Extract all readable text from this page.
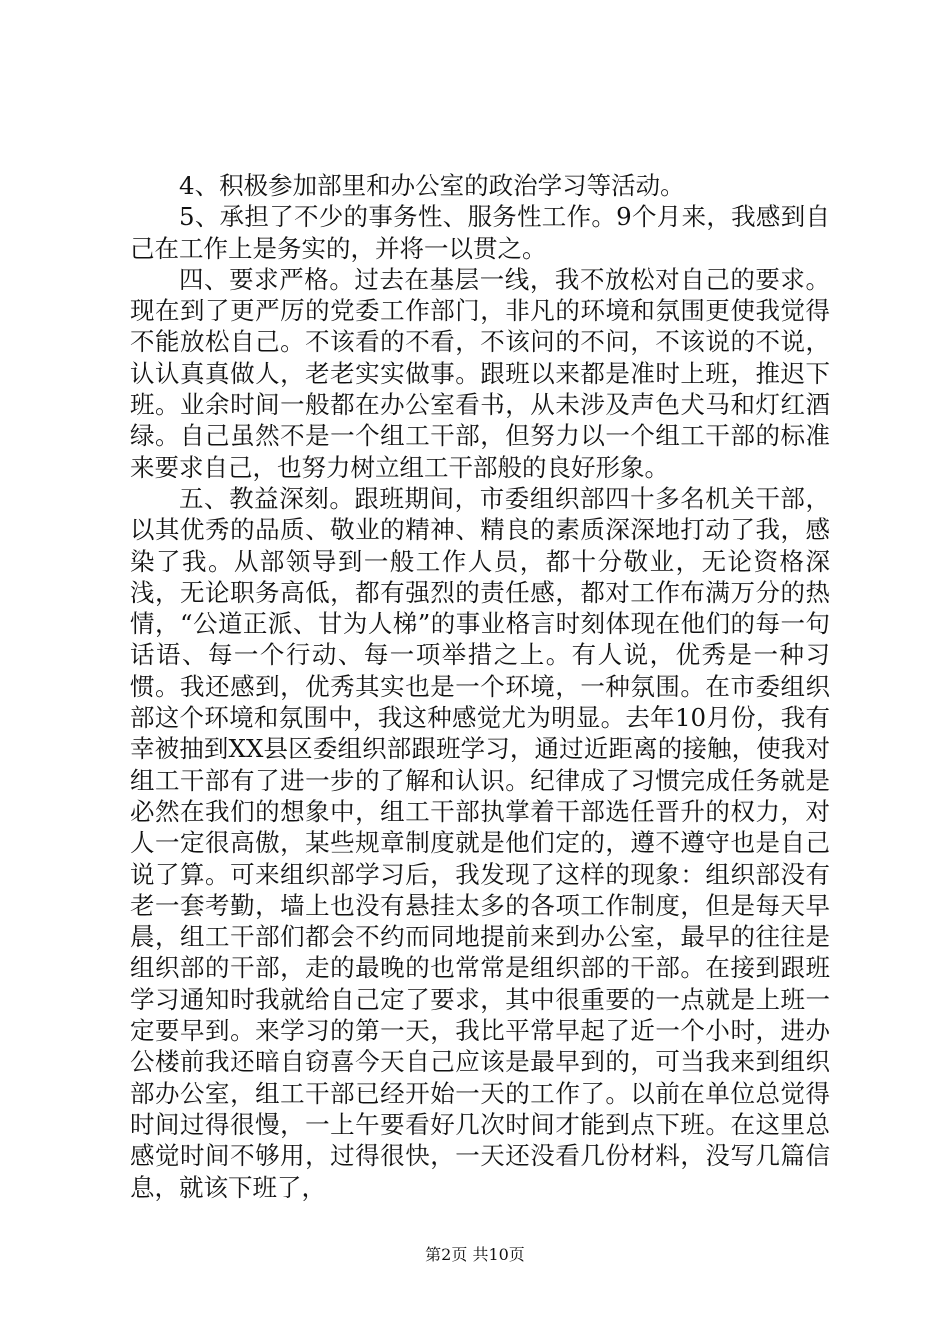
4、积极参加部里和办公室的政治学习等活动。

5、承担了不少的事务性、服务性工作。9个月来，我感到自己在工作上是务实的，并将一以贯之。

四、要求严格。过去在基层一线，我不放松对自己的要求。现在到了更严厉的党委工作部门，非凡的环境和氛围更使我觉得不能放松自己。不该看的不看，不该问的不问，不该说的不说，认认真真做人，老老实实做事。跟班以来都是准时上班，推迟下班。业余时间一般都在办公室看书，从未涉及声色犬马和灯红酒绿。自己虽然不是一个组工干部，但努力以一个组工干部的标准来要求自己，也努力树立组工干部般的良好形象。

五、教益深刻。跟班期间，市委组织部四十多名机关干部，以其优秀的品质、敬业的精神、精良的素质深深地打动了我，感染了我。从部领导到一般工作人员，都十分敬业，无论资格深浅，无论职务高低，都有强烈的责任感，都对工作布满万分的热情，“公道正派、甘为人梯”的事业格言时刻体现在他们的每一句话语、每一个行动、每一项举措之上。有人说，优秀是一种习惯。我还感到，优秀其实也是一个环境，一种氛围。在市委组织部这个环境和氛围中，我这种感觉尤为明显。去年10月份，我有幸被抽到XX县区委组织部跟班学习，通过近距离的接触，使我对组工干部有了进一步的了解和认识。纪律成了习惯完成任务就是必然在我们的想象中，组工干部执掌着干部选任晋升的权力，对人一定很高傲，某些规章制度就是他们定的，遵不遵守也是自己说了算。可来组织部学习后，我发现了这样的现象：组织部没有老一套考勤，墙上也没有悬挂太多的各项工作制度，但是每天早晨，组工干部们都会不约而同地提前来到办公室，最早的往往是组织部的干部，走的最晚的也常常是组织部的干部。在接到跟班学习通知时我就给自己定了要求，其中很重要的一点就是上班一定要早到。来学习的第一天，我比平常早起了近一个小时，进办公楼前我还暗自窃喜今天自己应该是最早到的，可当我来到组织部办公室，组工干部已经开始一天的工作了。以前在单位总觉得时间过得很慢，一上午要看好几次时间才能到点下班。在这里总感觉时间不够用，过得很快，一天还没看几份材料，没写几篇信息，就该下班了，

第2页 共10页
